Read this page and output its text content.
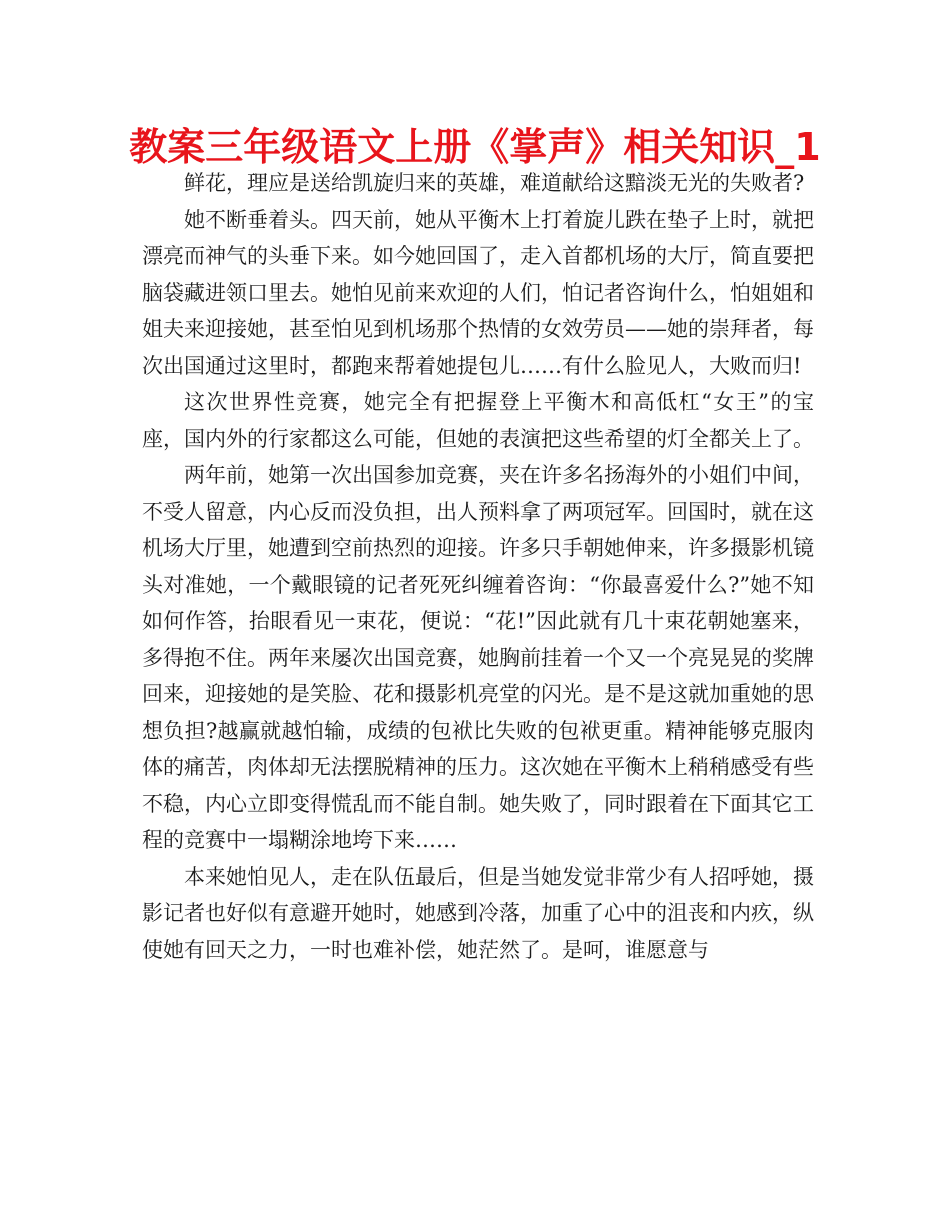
教案三年级语文上册《掌声》相关知识_1

鲜花，理应是送给凯旋归来的英雄，难道献给这黯淡无光的失败者?

她不断垂着头。四天前，她从平衡木上打着旋儿跌在垫子上时，就把漂亮而神气的头垂下来。如今她回国了，走入首都机场的大厅，简直要把脑袋藏进领口里去。她怕见前来欢迎的人们，怕记者咨询什么，怕姐姐和姐夫来迎接她，甚至怕见到机场那个热情的女效劳员——她的崇拜者，每次出国通过这里时，都跑来帮着她提包儿……有什么脸见人，大败而归!

这次世界性竞赛，她完全有把握登上平衡木和高低杠“女王”的宝座，国内外的行家都这么可能，但她的表演把这些希望的灯全都关上了。

两年前，她第一次出国参加竞赛，夹在许多名扬海外的小姐们中间，不受人留意，内心反而没负担，出人预料拿了两项冠军。回国时，就在这机场大厅里，她遭到空前热烈的迎接。许多只手朝她伸来，许多摄影机镜头对准她，一个戴眼镜的记者死死纠缠着咨询：“你最喜爱什么?”她不知如何作答，抬眼看见一束花，便说：“花!”因此就有几十束花朝她塞来，多得抱不住。两年来屡次出国竞赛，她胸前挂着一个又一个亮晃晃的奖牌回来，迎接她的是笑脸、花和摄影机亮堂的闪光。是不是这就加重她的思想负担?越赢就越怕输，成绩的包袱比失败的包袱更重。精神能够克服肉体的痛苦，肉体却无法摆脱精神的压力。这次她在平衡木上稍稍感受有些不稳，内心立即变得慌乱而不能自制。她失败了，同时跟着在下面其它工程的竞赛中一塌糊涂地垮下来……

本来她怕见人，走在队伍最后，但是当她发觉非常少有人招呼她，摄影记者也好似有意避开她时，她感到冷落，加重了心中的沮丧和内疚，纵使她有回天之力，一时也难补偿，她茫然了。是呵，谁愿意与
